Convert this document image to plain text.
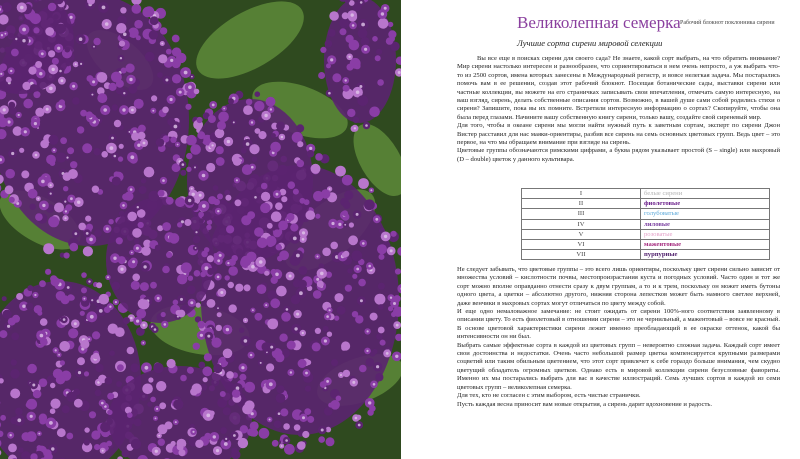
Великолепная семерка Рабочий блокнот поклонника сирени
Лучшие сорта сирени мировой селекции

Вы все еще в поисках сирени для своего сада? Не знаете, какой сорт выбрать, на что обратить внимание? Мир сирени настолько интересен и разнообразен, что сориентироваться в нем очень непросто, а уж выбрать что-то из 2500 сортов, имена которых занесены в Международный регистр, и вовсе нелегкая задача. Мы постарались помочь вам в ее решении, создав этот рабочий блокнот. Посещая ботанические сады, выставки сирени или частные коллекции, вы можете на его страничках записывать свои впечатления, отмечать самую интересную, на ваш взгляд, сирень, делать собственные описания сортов. Возможно, в вашей душе сами собой родились стихи о сирени? Запишите, пока вы их помните. Встретили интересную информацию о сортах? Скопируйте, чтобы она была перед глазами. Начините вашу собственную книгу сирени, только вашу, создайте свой сиреневый мир.

Для того, чтобы в океане сирени мы могли найти нужный путь к заветным сортам, эксперт по сирени Джон Вистер расставил для нас маяки-ориентиры, разбив все сирень на семь основных цветовых групп. Ведь цвет – это первое, на что мы обращаем внимание при взгляде на сирень.

Цветовые группы обозначаются римскими цифрами, а буква рядом указывает простой (S – single) или махровый (D – double) цветок у данного культивара.

I	белые сирени
II	фиолетовые
III	голубоватые
IV	лиловые
V	розоватые
VI	мажентовые
VII	пурпурные

Не следует забывать, что цветовые группы – это всего лишь ориентиры, поскольку цвет сирени сильно зависит от множества условий – кислотности почвы, местопроизрастания куста и погодных условий. Часто один и тот же сорт можно вполне оправданно отнести сразу к двум группам, а то и к трем, поскольку он может иметь бутоны одного цвета, а цветки – абсолютно другого, нижняя сторона лепестков может быть намного светлее верхней, даже венчики в махровых сортах могут отличаться по цвету между собой.

И еще одно немаловажное замечание: не стоит ожидать от сирени 100%-ного соответствия заявленному в описании цвету. То есть фиолетовый в отношении сирени – это не чернильный, а мажентовый – вовсе не красный. В основе цветовой характеристики сирени лежит именно преобладающий в ее окраске оттенок, какой бы интенсивности он ни был.

Выбрать самые эффектные сорта в каждой из цветовых групп – невероятно сложная задача. Каждый сорт имеет свои достоинства и недостатки. Очень часто небольшой размер цветка компенсируется крупными размерами соцветий или таким обильным цветением, что этот сорт привлечет к себе гораздо больше внимания, чем скудно цветущий обладатель огромных цветков. Однако есть в мировой коллекции сирени безусловные фавориты. Именно их мы постарались выбрать для вас в качестве иллюстраций. Семь лучших сортов в каждой из семи цветовых групп – великолепная семерка.

Для тех, кто не согласен с этим выбором, есть чистые странички.

Пусть каждая весна приносит вам новые открытия, а сирень дарит вдохновение и радость.
